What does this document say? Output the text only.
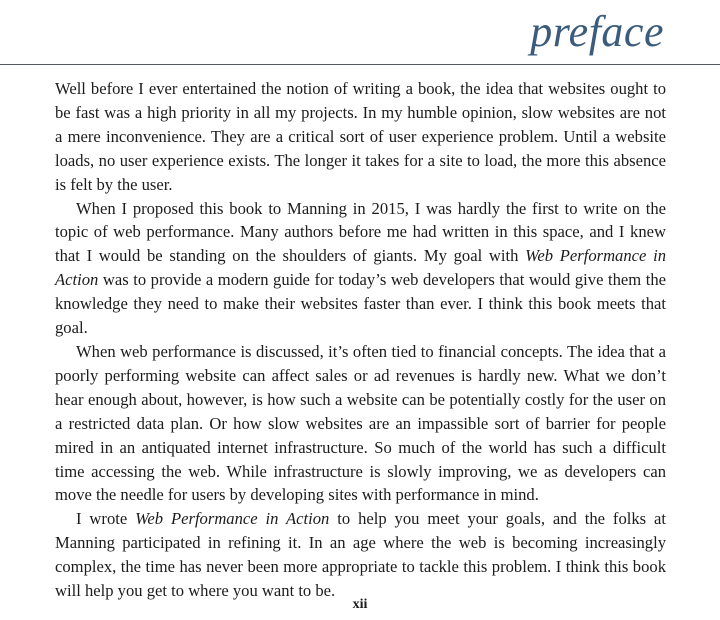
preface

Well before I ever entertained the notion of writing a book, the idea that websites ought to be fast was a high priority in all my projects. In my humble opinion, slow websites are not a mere inconvenience. They are a critical sort of user experience problem. Until a website loads, no user experience exists. The longer it takes for a site to load, the more this absence is felt by the user.

When I proposed this book to Manning in 2015, I was hardly the first to write on the topic of web performance. Many authors before me had written in this space, and I knew that I would be standing on the shoulders of giants. My goal with Web Performance in Action was to provide a modern guide for today’s web developers that would give them the knowledge they need to make their websites faster than ever. I think this book meets that goal.

When web performance is discussed, it’s often tied to financial concepts. The idea that a poorly performing website can affect sales or ad revenues is hardly new. What we don’t hear enough about, however, is how such a website can be potentially costly for the user on a restricted data plan. Or how slow websites are an impassible sort of barrier for people mired in an antiquated internet infrastructure. So much of the world has such a difficult time accessing the web. While infrastructure is slowly improving, we as developers can move the needle for users by developing sites with performance in mind.

I wrote Web Performance in Action to help you meet your goals, and the folks at Manning participated in refining it. In an age where the web is becoming increasingly complex, the time has never been more appropriate to tackle this problem. I think this book will help you get to where you want to be.

xii
